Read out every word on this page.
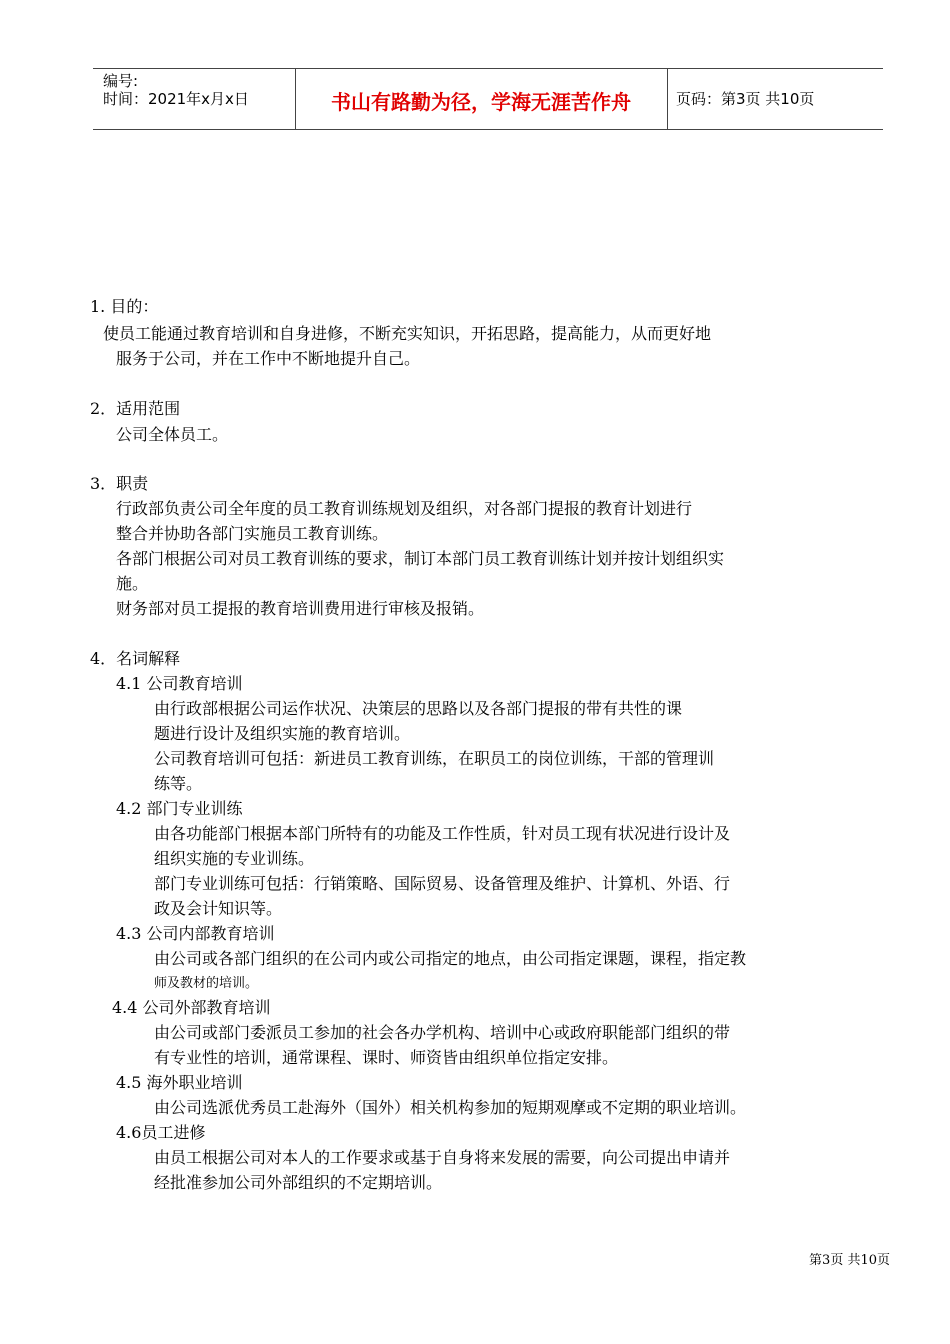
编号:
时间：2021年x月x日	书山有路勤为径，学海无涯苦作舟	页码：第3页 共10页
1. 目的：
使员工能通过教育培训和自身进修，不断充实知识，开拓思路，提高能力，从而更好地
服务于公司，并在工作中不断地提升自己。
2．适用范围
公司全体员工。
3．职责
行政部负责公司全年度的员工教育训练规划及组织，对各部门提报的教育计划进行
整合并协助各部门实施员工教育训练。
各部门根据公司对员工教育训练的要求，制订本部门员工教育训练计划并按计划组织实
施。
财务部对员工提报的教育培训费用进行审核及报销。
4．名词解释
4.1 公司教育培训
由行政部根据公司运作状况、决策层的思路以及各部门提报的带有共性的课
题进行设计及组织实施的教育培训。
公司教育培训可包括：新进员工教育训练，在职员工的岗位训练，干部的管理训
练等。
4.2 部门专业训练
由各功能部门根据本部门所特有的功能及工作性质，针对员工现有状况进行设计及
组织实施的专业训练。
部门专业训练可包括：行销策略、国际贸易、设备管理及维护、计算机、外语、行
政及会计知识等。
4.3 公司内部教育培训
由公司或各部门组织的在公司内或公司指定的地点，由公司指定课题，课程，指定教
师及教材的培训。
4.4 公司外部教育培训
由公司或部门委派员工参加的社会各办学机构、培训中心或政府职能部门组织的带
有专业性的培训，通常课程、课时、师资皆由组织单位指定安排。
4.5 海外职业培训
由公司选派优秀员工赴海外（国外）相关机构参加的短期观摩或不定期的职业培训。
4.6员工进修
由员工根据公司对本人的工作要求或基于自身将来发展的需要，向公司提出申请并
经批准参加公司外部组织的不定期培训。
第3页 共10页
